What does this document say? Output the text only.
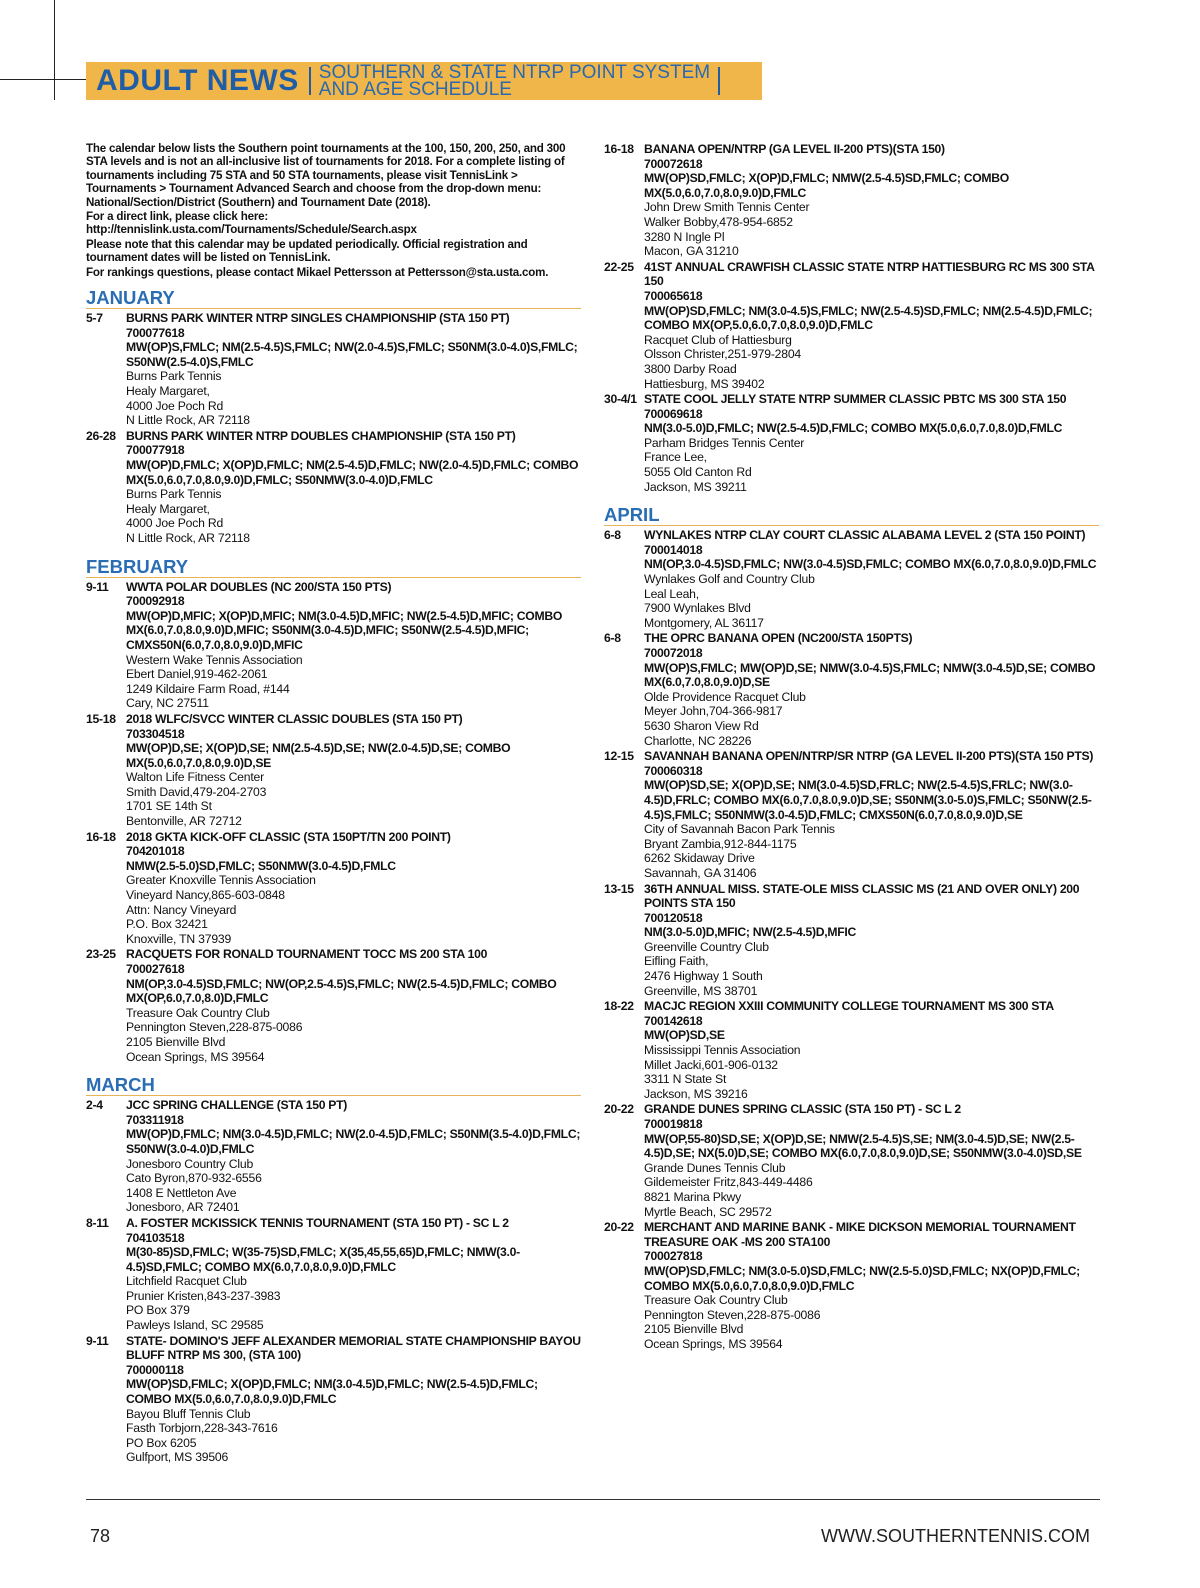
ADULT NEWS SOUTHERN & STATE NTRP POINT SYSTEM
AND AGE SCHEDULE

The calendar below lists the Southern point tournaments at the 100, 150, 200, 250, and 300 STA levels and is not an all-inclusive list of tournaments for 2018. For a complete listing of tournaments including 75 STA and 50 STA tournaments, please visit TennisLink > Tournaments > Tournament Advanced Search and choose from the drop-down menu: National/Section/District (Southern) and Tournament Date (2018).

For a direct link, please click here: http://tennislink.usta.com/Tournaments/Schedule/Search.aspx

Please note that this calendar may be updated periodically. Official registration and tournament dates will be listed on TennisLink.

For rankings questions, please contact Mikael Pettersson at Pettersson@sta.usta.com.

JANUARY
5-7	BURNS PARK WINTER NTRP SINGLES CHAMPIONSHIP (STA 150 PT)
700077618
MW(OP)S,FMLC; NM(2.5-4.5)S,FMLC; NW(2.0-4.5)S,FMLC; S50NM(3.0-4.0)S,FMLC; S50NW(2.5-4.0)S,FMLC
Burns Park Tennis
Healy Margaret,
4000 Joe Poch Rd
N Little Rock, AR 72118
26-28 BURNS PARK WINTER NTRP DOUBLES CHAMPIONSHIP (STA 150 PT)
700077918
MW(OP)D,FMLC; X(OP)D,FMLC; NM(2.5-4.5)D,FMLC; NW(2.0-4.5)D,FMLC; COMBO MX(5.0,6.0,7.0,8.0,9.0)D,FMLC; S50NMW(3.0-4.0)D,FMLC
Burns Park Tennis
Healy Margaret,
4000 Joe Poch Rd
N Little Rock, AR 72118
FEBRUARY
9-11	WWTA POLAR DOUBLES (NC 200/STA 150 PTS)
700092918
MW(OP)D,MFIC; X(OP)D,MFIC; NM(3.0-4.5)D,MFIC; NW(2.5-4.5)D,MFIC; COMBO MX(6.0,7.0,8.0,9.0)D,MFIC; S50NM(3.0-4.5)D,MFIC; S50NW(2.5-4.5)D,MFIC; CMXS50N(6.0,7.0,8.0,9.0)D,MFIC
Western Wake Tennis Association
Ebert Daniel,919-462-2061
1249 Kildaire Farm Road, #144
Cary, NC 27511
15-18 2018 WLFC/SVCC WINTER CLASSIC DOUBLES (STA 150 PT)
703304518
MW(OP)D,SE; X(OP)D,SE; NM(2.5-4.5)D,SE; NW(2.0-4.5)D,SE; COMBO MX(5.0,6.0,7.0,8.0,9.0)D,SE
Walton Life Fitness Center
Smith David,479-204-2703
1701 SE 14th St
Bentonville, AR 72712
16-18 2018 GKTA KICK-OFF CLASSIC (STA 150PT/TN 200 POINT)
704201018
NMW(2.5-5.0)SD,FMLC; S50NMW(3.0-4.5)D,FMLC
Greater Knoxville Tennis Association
Vineyard Nancy,865-603-0848
Attn: Nancy Vineyard
P.O. Box 32421
Knoxville, TN 37939
23-25 RACQUETS FOR RONALD TOURNAMENT TOCC MS 200 STA 100
700027618
NM(OP,3.0-4.5)SD,FMLC; NW(OP,2.5-4.5)S,FMLC; NW(2.5-4.5)D,FMLC; COMBO MX(OP,6.0,7.0,8.0)D,FMLC
Treasure Oak Country Club
Pennington Steven,228-875-0086
2105 Bienville Blvd
Ocean Springs, MS 39564
MARCH
2-4	JCC SPRING CHALLENGE (STA 150 PT)
703311918
MW(OP)D,FMLC; NM(3.0-4.5)D,FMLC; NW(2.0-4.5)D,FMLC; S50NM(3.5-4.0)D,FMLC; S50NW(3.0-4.0)D,FMLC
Jonesboro Country Club
Cato Byron,870-932-6556
1408 E Nettleton Ave
Jonesboro, AR 72401
8-11	A. FOSTER MCKISSICK TENNIS TOURNAMENT (STA 150 PT) - SC L 2
704103518
M(30-85)SD,FMLC; W(35-75)SD,FMLC; X(35,45,55,65)D,FMLC; NMW(3.0-4.5)SD,FMLC; COMBO MX(6.0,7.0,8.0,9.0)D,FMLC
Litchfield Racquet Club
Prunier Kristen,843-237-3983
PO Box 379
Pawleys Island, SC 29585
9-11	STATE- DOMINO'S JEFF ALEXANDER MEMORIAL STATE CHAMPIONSHIP BAYOU BLUFF NTRP MS 300, (STA 100)
700000118
MW(OP)SD,FMLC; X(OP)D,FMLC; NM(3.0-4.5)D,FMLC; NW(2.5-4.5)D,FMLC; COMBO MX(5.0,6.0,7.0,8.0,9.0)D,FMLC
Bayou Bluff Tennis Club
Fasth Torbjorn,228-343-7616
PO Box 6205
Gulfport, MS 39506
16-18 BANANA OPEN/NTRP (GA LEVEL II-200 PTS)(STA 150)
700072618
MW(OP)SD,FMLC; X(OP)D,FMLC; NMW(2.5-4.5)SD,FMLC; COMBO MX(5.0,6.0,7.0,8.0,9.0)D,FMLC
John Drew Smith Tennis Center
Walker Bobby,478-954-6852
3280 N Ingle Pl
Macon, GA 31210
22-25 41ST ANNUAL CRAWFISH CLASSIC STATE NTRP HATTIESBURG RC MS 300 STA 150
700065618
MW(OP)SD,FMLC; NM(3.0-4.5)S,FMLC; NW(2.5-4.5)SD,FMLC; NM(2.5-4.5)D,FMLC; COMBO MX(OP,5.0,6.0,7.0,8.0,9.0)D,FMLC
Racquet Club of Hattiesburg
Olsson Christer,251-979-2804
3800 Darby Road
Hattiesburg, MS 39402
30-4/1 STATE COOL JELLY STATE NTRP SUMMER CLASSIC PBTC MS 300 STA 150
700069618
NM(3.0-5.0)D,FMLC; NW(2.5-4.5)D,FMLC; COMBO MX(5.0,6.0,7.0,8.0)D,FMLC
Parham Bridges Tennis Center
France Lee,
5055 Old Canton Rd
Jackson, MS 39211
APRIL
6-8	WYNLAKES NTRP CLAY COURT CLASSIC ALABAMA LEVEL 2 (STA 150 POINT)
700014018
NM(OP,3.0-4.5)SD,FMLC; NW(3.0-4.5)SD,FMLC; COMBO MX(6.0,7.0,8.0,9.0)D,FMLC
Wynlakes Golf and Country Club
Leal Leah,
7900 Wynlakes Blvd
Montgomery, AL 36117
6-8	THE OPRC BANANA OPEN (NC200/STA 150PTS)
700072018
MW(OP)S,FMLC; MW(OP)D,SE; NMW(3.0-4.5)S,FMLC; NMW(3.0-4.5)D,SE; COMBO MX(6.0,7.0,8.0,9.0)D,SE
Olde Providence Racquet Club
Meyer John,704-366-9817
5630 Sharon View Rd
Charlotte, NC 28226
12-15 SAVANNAH BANANA OPEN/NTRP/SR NTRP (GA LEVEL II-200 PTS)(STA 150 PTS)
700060318
MW(OP)SD,SE; X(OP)D,SE; NM(3.0-4.5)SD,FRLC; NW(2.5-4.5)S,FRLC; NW(3.0-4.5)D,FRLC; COMBO MX(6.0,7.0,8.0,9.0)D,SE; S50NM(3.0-5.0)S,FMLC; S50NW(2.5-4.5)S,FMLC; S50NMW(3.0-4.5)D,FMLC; CMXS50N(6.0,7.0,8.0,9.0)D,SE
City of Savannah Bacon Park Tennis
Bryant Zambia,912-844-1175
6262 Skidaway Drive
Savannah, GA 31406
13-15 36TH ANNUAL MISS. STATE-OLE MISS CLASSIC MS (21 AND OVER ONLY) 200 POINTS STA 150
700120518
NM(3.0-5.0)D,MFIC; NW(2.5-4.5)D,MFIC
Greenville Country Club
Eifling Faith,
2476 Highway 1 South
Greenville, MS 38701
18-22 MACJC REGION XXIII COMMUNITY COLLEGE TOURNAMENT MS 300 STA
700142618
MW(OP)SD,SE
Mississippi Tennis Association
Millet Jacki,601-906-0132
3311 N State St
Jackson, MS 39216
20-22 GRANDE DUNES SPRING CLASSIC (STA 150 PT) - SC L 2
700019818
MW(OP,55-80)SD,SE; X(OP)D,SE; NMW(2.5-4.5)S,SE; NM(3.0-4.5)D,SE; NW(2.5-4.5)D,SE; NX(5.0)D,SE; COMBO MX(6.0,7.0,8.0,9.0)D,SE; S50NMW(3.0-4.0)SD,SE
Grande Dunes Tennis Club
Gildemeister Fritz,843-449-4486
8821 Marina Pkwy
Myrtle Beach, SC 29572
20-22 MERCHANT AND MARINE BANK - MIKE DICKSON MEMORIAL TOURNAMENT TREASURE OAK -MS 200 STA100
700027818
MW(OP)SD,FMLC; NM(3.0-5.0)SD,FMLC; NW(2.5-5.0)SD,FMLC; NX(OP)D,FMLC; COMBO MX(5.0,6.0,7.0,8.0,9.0)D,FMLC
Treasure Oak Country Club
Pennington Steven,228-875-0086
2105 Bienville Blvd
Ocean Springs, MS 39564
78	WWW.SOUTHERNTENNIS.COM
